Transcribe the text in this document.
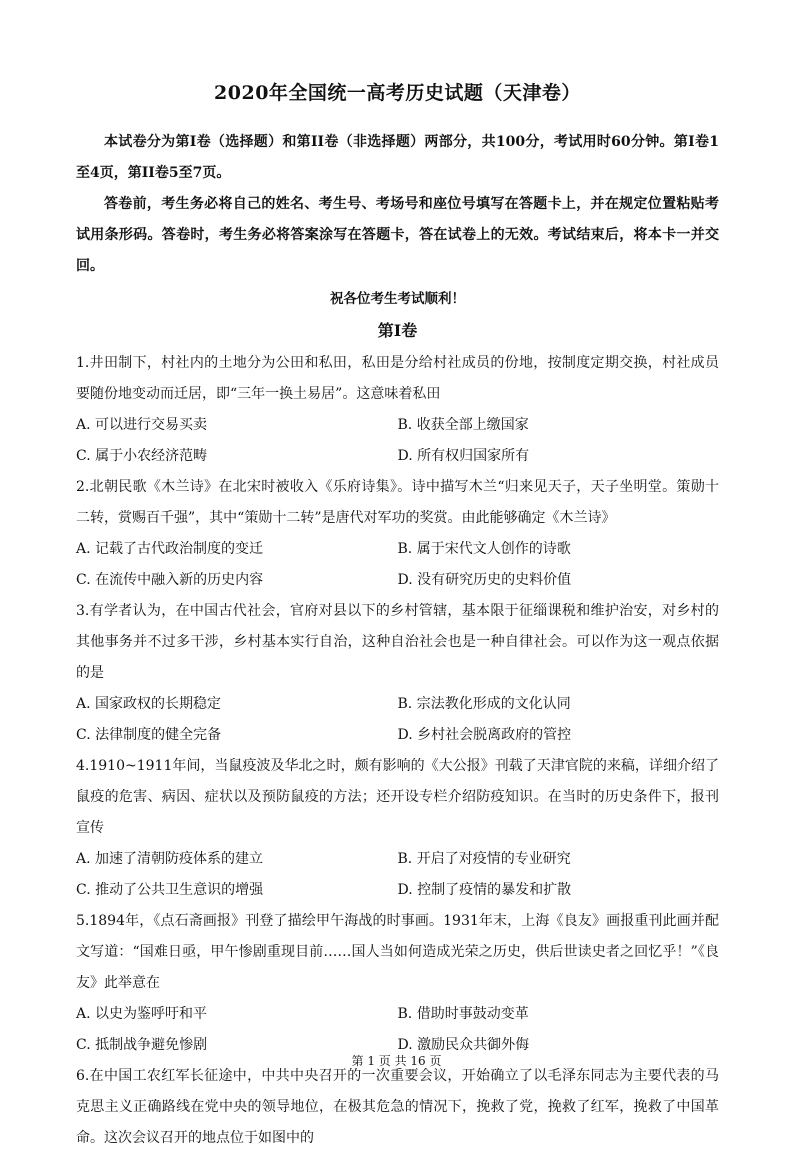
2020年全国统一高考历史试题（天津卷）

本试卷分为第I卷（选择题）和第II卷（非选择题）两部分，共100分，考试用时60分钟。第I卷1至4页，第II卷5至7页。

答卷前，考生务必将自己的姓名、考生号、考场号和座位号填写在答题卡上，并在规定位置粘贴考试用条形码。答卷时，考生务必将答案涂写在答题卡，答在试卷上的无效。考试结束后，将本卡一并交回。

祝各位考生考试顺利！

第I卷

1.井田制下，村社内的土地分为公田和私田，私田是分给村社成员的份地，按制度定期交换，村社成员要随份地变动而迁居，即“三年一换土易居”。这意味着私田

A. 可以进行交易买卖	B. 收获全部上缴国家
C. 属于小农经济范畴	D. 所有权归国家所有

2.北朝民歌《木兰诗》在北宋时被收入《乐府诗集》。诗中描写木兰“归来见天子，天子坐明堂。策勋十二转，赏赐百千强”，其中“策勋十二转”是唐代对军功的奖赏。由此能够确定《木兰诗》

A. 记载了古代政治制度的变迁	B. 属于宋代文人创作的诗歌
C. 在流传中融入新的历史内容	D. 没有研究历史的史料价值

3.有学者认为，在中国古代社会，官府对县以下的乡村管辖，基本限于征缁课税和维护治安，对乡村的其他事务并不过多干涉，乡村基本实行自治，这种自治社会也是一种自律社会。可以作为这一观点依据的是

A. 国家政权的长期稳定	B. 宗法教化形成的文化认同
C. 法律制度的健全完备	D. 乡村社会脱离政府的管控

4.1910~1911年间，当鼠疫波及华北之时，颇有影响的《大公报》刊载了天津官院的来稿，详细介绍了鼠疫的危害、病因、症状以及预防鼠疫的方法；还开设专栏介绍防疫知识。在当时的历史条件下，报刊宣传

A. 加速了清朝防疫体系的建立	B. 开启了对疫情的专业研究
C. 推动了公共卫生意识的增强	D. 控制了疫情的暴发和扩散

5.1894年，《点石斋画报》刊登了描绘甲午海战的时事画。1931年末，上海《良友》画报重刊此画并配文写道：“国难日亟，甲午惨剧重现目前……国人当如何造成光荣之历史，供后世读史者之回忆乎！”《良友》此举意在

A. 以史为鉴呼吁和平	B. 借助时事鼓动变革
C. 抵制战争避免惨剧	D. 激励民众共御外侮

6.在中国工农红军长征途中，中共中央召开的一次重要会议，开始确立了以毛泽东同志为主要代表的马克思主义正确路线在党中央的领导地位，在极其危急的情况下，挽救了党，挽救了红军，挽救了中国革命。这次会议召开的地点位于如图中的

第 1 页 共 16 页
